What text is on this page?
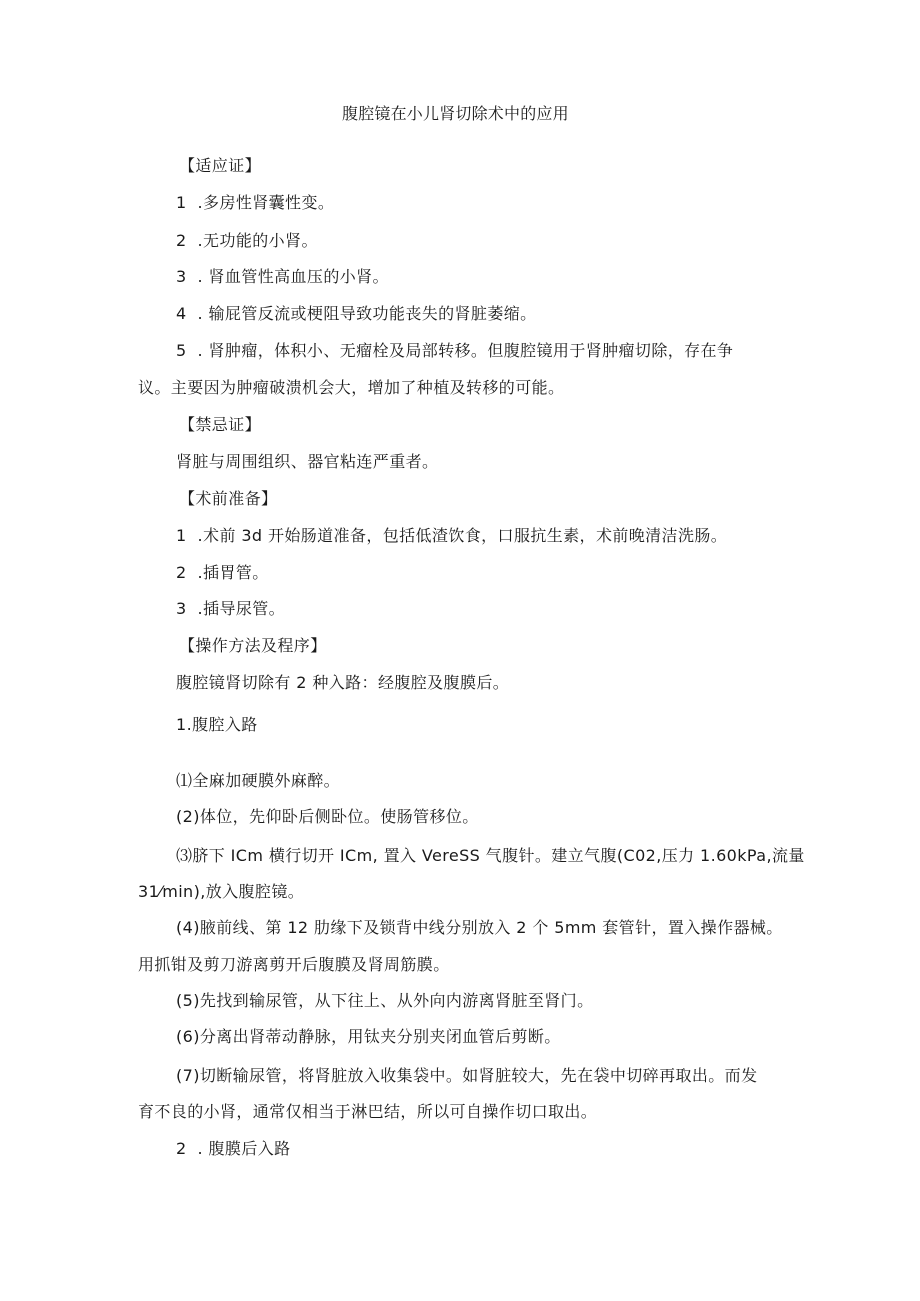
腹腔镜在小儿肾切除术中的应用
【适应证】
1  .多房性肾囊性变。
2  .无功能的小肾。
3  . 肾血管性高血压的小肾。
4  . 输屁管反流或梗阻导致功能丧失的肾脏萎缩。
5  . 肾肿瘤，体积小、无瘤栓及局部转移。但腹腔镜用于肾肿瘤切除，存在争
议。主要因为肿瘤破溃机会大，增加了种植及转移的可能。
【禁忌证】
肾脏与周围组织、器官粘连严重者。
【术前准备】
1  .术前 3d 开始肠道准备，包括低渣饮食，口服抗生素，术前晚清洁洗肠。
2  .插胃管。
3  .插导尿管。
【操作方法及程序】
腹腔镜肾切除有 2 种入路：经腹腔及腹膜后。
1.腹腔入路
⑴全麻加硬膜外麻醉。
(2)体位，先仰卧后侧卧位。使肠管移位。
⑶脐下 ICm 横行切开 ICm, 置入 VereSS 气腹针。建立气腹(C02,压力 1.60kPa,流量
31⁄min),放入腹腔镜。
(4)腋前线、第 12 肋缘下及锁背中线分别放入 2 个 5mm 套管针，置入操作器械。
用抓钳及剪刀游离剪开后腹膜及肾周筋膜。
(5)先找到输尿管，从下往上、从外向内游离肾脏至肾门。
(6)分离出肾蒂动静脉，用钛夹分别夹闭血管后剪断。
(7)切断输尿管，将肾脏放入收集袋中。如肾脏较大，先在袋中切碎再取出。而发
育不良的小肾，通常仅相当于淋巴结，所以可自操作切口取出。
2  . 腹膜后入路
